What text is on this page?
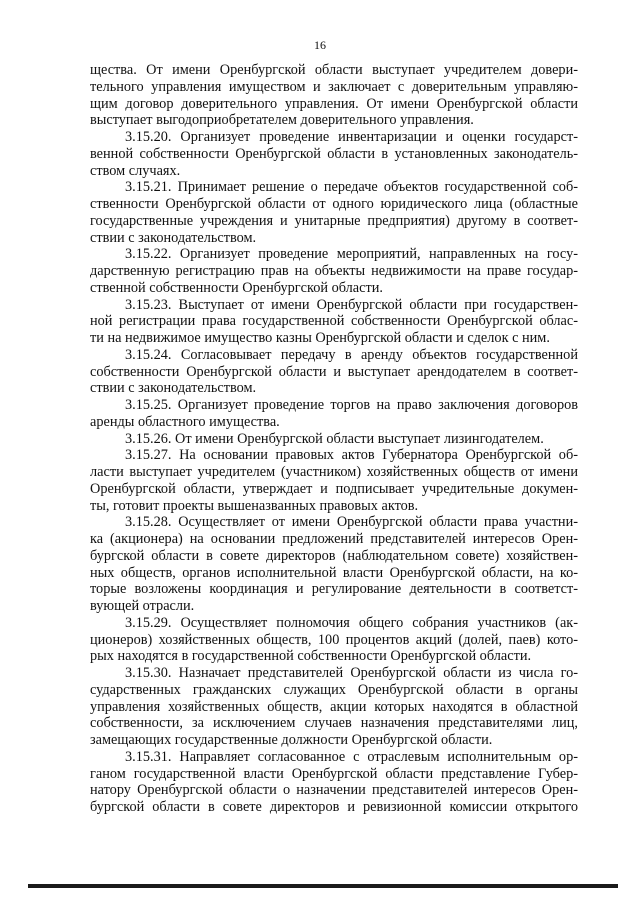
16
щества. От имени Оренбургской области выступает учредителем довери-
тельного управления имуществом и заключает с доверительным управляю-
щим договор доверительного управления. От имени Оренбургской области
выступает выгодоприобретателем доверительного управления.
3.15.20. Организует проведение инвентаризации и оценки государст-
венной собственности Оренбургской области в установленных законодатель-
ством случаях.
3.15.21. Принимает решение о передаче объектов государственной соб-
ственности Оренбургской области от одного юридического лица (областные
государственные учреждения и унитарные предприятия) другому в соответ-
ствии с законодательством.
3.15.22. Организует проведение мероприятий, направленных на госу-
дарственную регистрацию прав на объекты недвижимости на праве государ-
ственной собственности Оренбургской области.
3.15.23. Выступает от имени Оренбургской области при государствен-
ной регистрации права государственной собственности Оренбургской облас-
ти на недвижимое имущество казны Оренбургской области и сделок с ним.
3.15.24. Согласовывает передачу в аренду объектов государственной
собственности Оренбургской области и выступает арендодателем в соответ-
ствии с законодательством.
3.15.25. Организует проведение торгов на право заключения договоров
аренды областного имущества.
3.15.26. От имени Оренбургской области выступает лизингодателем.
3.15.27. На основании правовых актов Губернатора Оренбургской об-
ласти выступает учредителем (участником) хозяйственных обществ от имени
Оренбургской области, утверждает и подписывает учредительные докумен-
ты, готовит проекты вышеназванных правовых актов.
3.15.28. Осуществляет от имени Оренбургской области права участни-
ка (акционера) на основании предложений представителей интересов Орен-
бургской области в совете директоров (наблюдательном совете) хозяйствен-
ных обществ, органов исполнительной власти Оренбургской области, на ко-
торые возложены координация и регулирование деятельности в соответст-
вующей отрасли.
3.15.29. Осуществляет полномочия общего собрания участников (ак-
ционеров) хозяйственных обществ, 100 процентов акций (долей, паев) кото-
рых находятся в государственной собственности Оренбургской области.
3.15.30. Назначает представителей Оренбургской области из числа го-
сударственных гражданских служащих Оренбургской области в органы
управления хозяйственных обществ, акции которых находятся в областной
собственности, за исключением случаев назначения представителями лиц,
замещающих государственные должности Оренбургской области.
3.15.31. Направляет согласованное с отраслевым исполнительным ор-
ганом государственной власти Оренбургской области представление Губер-
натору Оренбургской области о назначении представителей интересов Орен-
бургской области в совете директоров и ревизионной комиссии открытого
